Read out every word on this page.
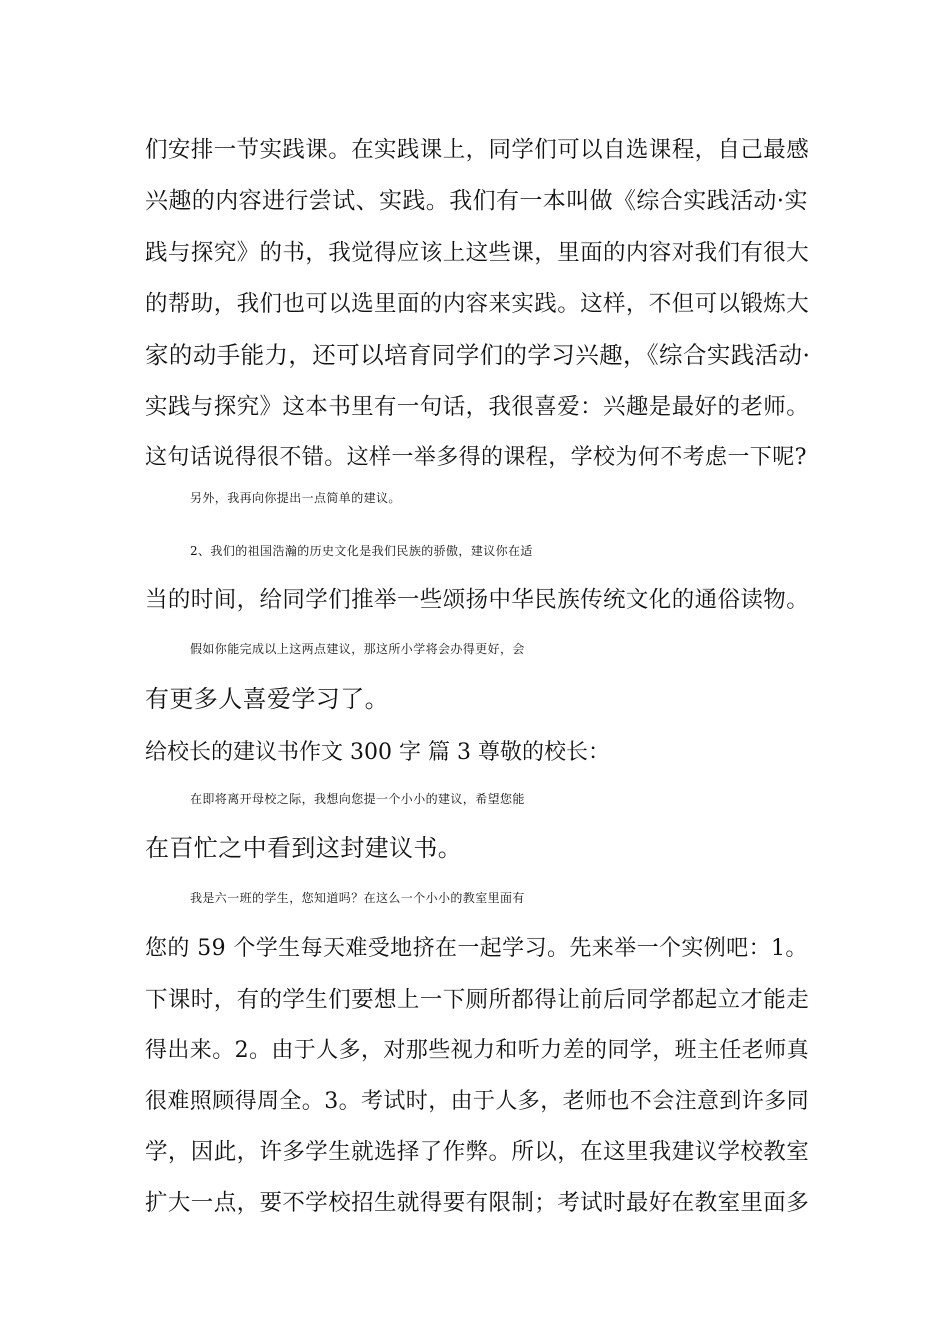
们安排一节实践课。在实践课上，同学们可以自选课程，自己最感
兴趣的内容进行尝试、实践。我们有一本叫做《综合实践活动·实
践与探究》的书，我觉得应该上这些课，里面的内容对我们有很大
的帮助，我们也可以选里面的内容来实践。这样，不但可以锻炼大
家的动手能力，还可以培育同学们的学习兴趣，《综合实践活动·
实践与探究》这本书里有一句话，我很喜爱：兴趣是最好的老师。
这句话说得很不错。这样一举多得的课程，学校为何不考虑一下呢?
另外，我再向你提出一点简单的建议。
2、我们的祖国浩瀚的历史文化是我们民族的骄傲，建议你在适
当的时间，给同学们推举一些颂扬中华民族传统文化的通俗读物。
假如你能完成以上这两点建议，那这所小学将会办得更好，会
有更多人喜爱学习了。
给校长的建议书作文 300 字 篇 3 尊敬的校长：
在即将离开母校之际，我想向您提一个小小的建议，希望您能
在百忙之中看到这封建议书。
我是六一班的学生，您知道吗？在这么一个小小的教室里面有
您的 59 个学生每天难受地挤在一起学习。先来举一个实例吧：1。
下课时，有的学生们要想上一下厕所都得让前后同学都起立才能走
得出来。2。由于人多，对那些视力和听力差的同学，班主任老师真
很难照顾得周全。3。考试时，由于人多，老师也不会注意到许多同
学，因此，许多学生就选择了作弊。所以，在这里我建议学校教室
扩大一点，要不学校招生就得要有限制；考试时最好在教室里面多
